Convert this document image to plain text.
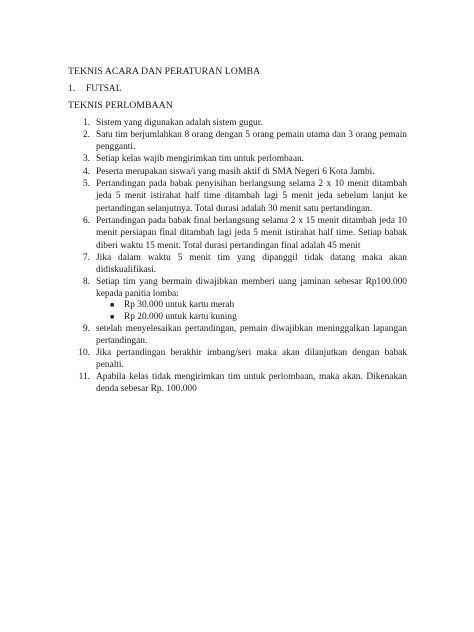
TEKNIS ACARA DAN PERATURAN LOMBA
1. FUTSAL
TEKNIS PERLOMBAAN
1. Sistem yang digunakan adalah sistem gugur.
2. Satu tim berjumlahkan 8 orang dengan 5 orang pemain utama dan 3 orang pemain pengganti.
3. Setiap kelas wajib mengirimkan tim untuk perlombaan.
4. Peserta merupakan siswa/i yang masih aktif di SMA Negeri 6 Kota Jambi.
5. Pertandingan pada babak penyisihan berlangsung selama 2 x 10 menit ditambah jeda 5 menit istirahat half time ditambah lagi 5 menit jeda sebelum lanjut ke pertandingan selanjutnya. Total durasi adalah 30 menit satu pertandingan.
6. Pertandingan pada babak final berlangsung selama 2 x 15 menit ditambah jeda 10 menit persiapan final ditambah lagi jeda 5 menit istirahat half time. Setiap babak diberi waktu 15 menit. Total durasi pertandingan final adalah 45 menit
7. Jika dalam waktu 5 menit tim yang dipanggil tidak datang maka akan didiskualifikasi.
8. Setiap tim yang bermain diwajibkan memberi uang jaminan sebesar Rp100.000 kepada panitia lomba:
■ Rp 30.000 untuk kartu merah
■ Rp 20.000 untuk kartu kuning
9. setelah menyelesaikan pertandingan, pemain diwajibkan meninggalkan lapangan pertandingan.
10. Jika pertandingan berakhir imbang/seri maka akan dilanjutkan dengan babak penalti.
11. Apabila kelas tidak mengirimkan tim untuk perlombaan, maka akan. Dikenakan denda sebesar Rp. 100.000
